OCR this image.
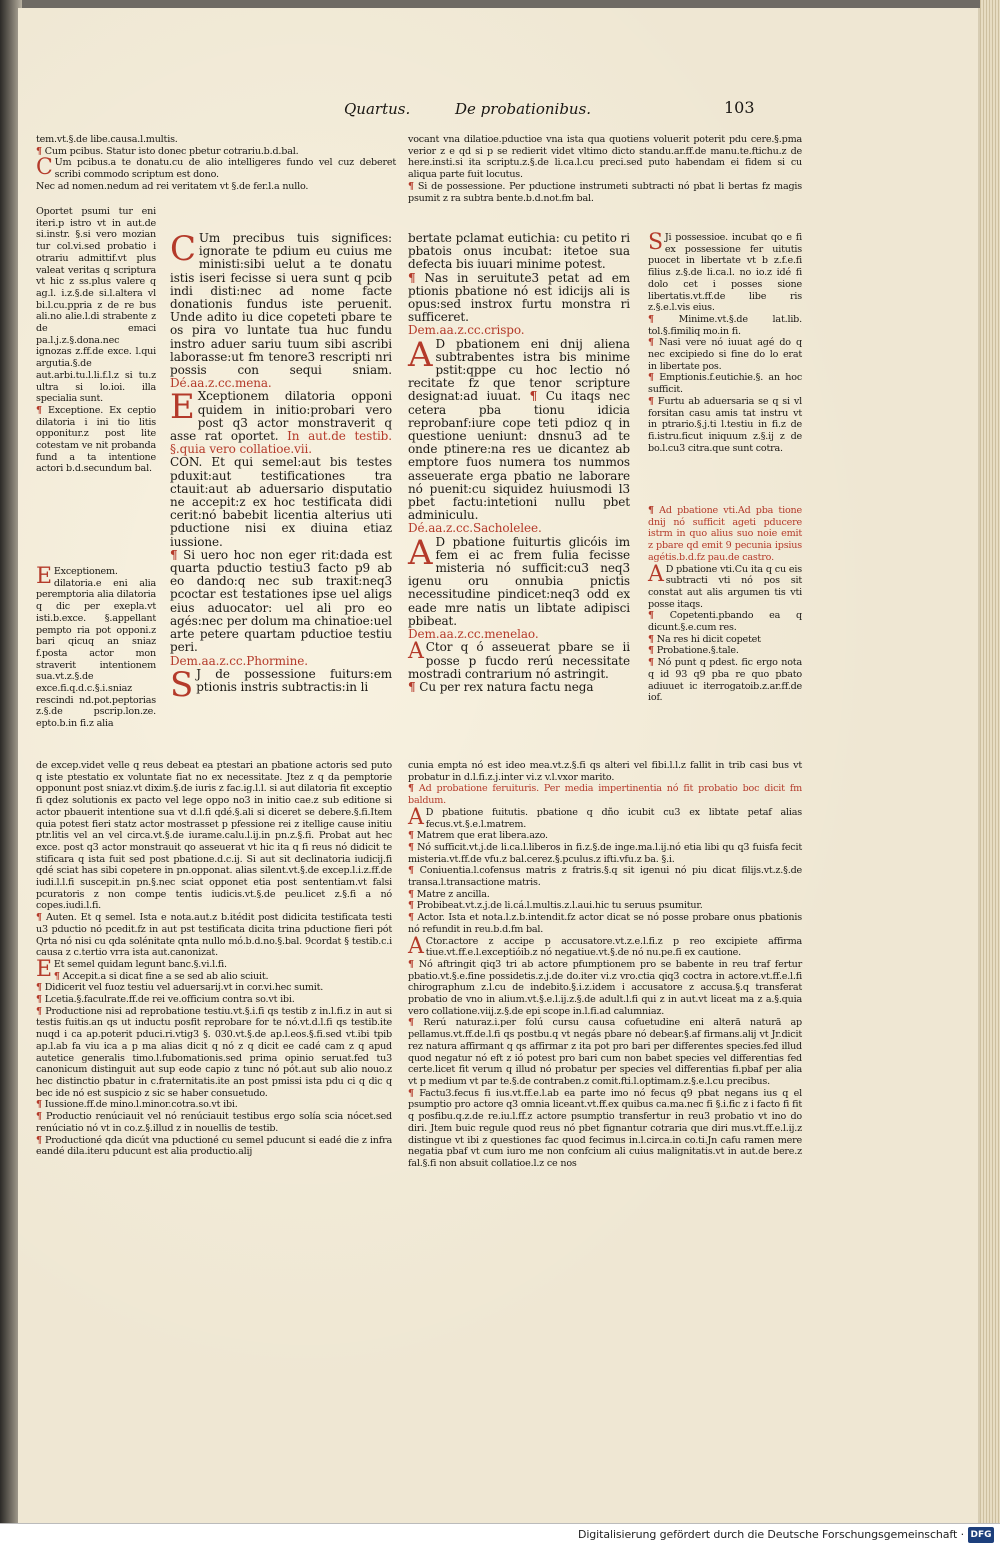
Quartus.	De probationibus.	103

tem.vt.§.de libe.causa.l.multis.

¶ Cum pcibus. Statur isto donec pbetur cotrariu.b.d.bal.

C Um pcibus.a te donatu.cu de alio intelligeres fundo vel cuz deberet scribi commodo scriptum est dono.

Nec ad nomen.nedum ad rei veritatem vt §.de fer.l.a nullo.

Oportet psumi tur eni iteri.p istro vt in aut.de si.instr. §.si vero mozian tur col.vi.sed probatio i otrariu admittif.vt plus valeat veritas q scriptura vt hic z ss.plus valere q ag.l. i.z.§.de si.l.altera vl bi.l.cu.ppria z de re bus ali.no alie.l.di strabente z de emaci pa.l.j.z.§.dona.nec ignozas z.ff.de exce. l.qui argutia.§.de aut.arbi.tu.l.li.f.l.z si tu.z ultra si lo.ioi. illa specialia sunt.

¶ Exceptione. Ex ceptio dilatoria i ini tio litis opponitur.z post lite cotestam ve nit probanda fund a ta intentione actori b.d.secundum bal.

E Exceptionem. dilatoria.e eni alia peremptoria alia dilatoria q dic per exepla.vt isti.b.exce. §.appellant pempto ria pot opponi.z bari qicuq an sniaz f.posta actor mon straverit intentionem sua.vt.z.§.de exce.fi.q.d.c.§.i.sniaz rescindi nd.pot.peptorias z.§.de pscrip.lon.ze. epto.b.in fi.z alia

C Um precibus tuis significes: ignorate te pdium eu cuius me ministi:sibi uelut a te donatu istis iseri fecisse si uera sunt q pcib indi disti:nec ad nome facte donationis fundus iste peruenit. Unde adito iu dice copeteti pbare te os pira vo luntate tua huc fundu instro aduer sariu tuum sibi ascribi laborasse:ut fm tenore3 rescripti nri possis con sequi sniam. Dé.aa.z.cc.mena.

E Xceptionem dilatoria opponi quidem in initio:probari vero post q3 actor monstraverit q asse rat oportet. In aut.de testib. §.quia vero collatioe.vii.

CON. Et qui semel:aut bis testes pduxit:aut testificationes tra ctauit:aut ab aduersario disputatio ne accepit:z ex hoc testificata didi cerit:nó babebit licentia alterius uti pductione nisi ex diuina etiaz iussione.

¶ Si uero hoc non eger rit:dada est quarta pductio testiu3 facto p9 ab eo dando:q nec sub traxit:neq3 pcoctar est testationes ipse uel aligs eius aduocator: uel ali pro eo agés:nec per dolum ma chinatioe:uel arte petere quartam pductioe testiu peri.

Dem.aa.z.cc.Phormine.

S J de possessione fuiturs:em ptionis instris subtractis:in li

vocant vna dilatioe.pductioe vna ista qua quotiens voluerit poterit pdu cere.§.pma verior z e qd si p se redierit videt vltimo dicto standu.ar.ff.de manu.te.ftichu.z de here.insti.si ita scriptu.z.§.de li.ca.l.cu preci.sed puto habendam ei fidem si cu aliqua parte fuit locutus.

¶ Si de possessione. Per pductione instrumeti subtracti nó pbat li bertas fz magis psumit z ra subtra bente.b.d.not.fm bal.

bertate pclamat eutichia: cu petito ri pbatois onus incubat: itetoe sua defecta bis iuuari minime potest.

¶ Nas in seruitute3 petat ad em ptionis pbatione nó est idicijs ali is opus:sed instrox furtu monstra ri sufficeret.

Dem.aa.z.cc.crispo.

A D pbationem eni dnij aliena subtrabentes istra bis minime pstit:qppe cu hoc lectio nó recitate fz que tenor scripture designat:ad iuuat. ¶ Cu itaqs nec cetera pba tionu idicia reprobanf:iure cope teti pdioz q in questione ueniunt: dnsnu3 ad te onde ptinere:na res ue dicantez ab emptore fuos numera tos nummos asseuerate erga pbatio ne laborare nó puenit:cu siquidez huiusmodi l3 pbet factu:intetioni nullu pbet adminiculu.

Dé.aa.z.cc.Sacholelee.

A D pbatione fuiturtis glicóis im fem ei ac frem fulia fecisse misteria nó sufficit:cu3 neq3 igenu oru onnubia pnictis necessitudine pindicet:neq3 odd ex eade mre natis un libtate adipisci pbibeat.

Dem.aa.z.cc.menelao.

A Ctor q ó asseuerat pbare se ii posse p fucdo rerú necessitate mostradi contrarium nó astringit.

¶ Cu per rex natura factu nega

S Ji possessioe. incubat qo e fi ex possessione fer uitutis puocet in libertate vt b z.f.e.fi filius z.§.de li.ca.l. no io.z idé fi dolo cet i posses sione libertatis.vt.ff.de libe ris z.§.e.l.vis eius.

¶	Minime.vt.§.de lat.lib. tol.§.fimiliq mo.in fi.

¶ Nasi vere nó iuuat agé do q nec excipiedo si fine do lo erat in libertate pos.

¶ Emptionis.f.eutichie.§. an hoc sufficit.

¶ Furtu ab aduersaria se q si vl forsitan casu amis tat instru vt in ptrario.§.j.ti l.testiu in fi.z de fi.istru.ficut iniquum z.§.ij z de bo.l.cu3 citra.que sunt cotra.

¶ Ad pbatione vti.Ad pba tione dnij nó sufficit ageti pducere istrm in quo alius suo noie emit z pbare qd emit 9 pecunia ipsius agétis.b.d.fz pau.de castro.

A D pbatione vti.Cu ita q cu eis subtracti vti nó pos sit constat aut alis argumen tis vti posse itaqs.

¶ Copetenti.pbando ea q dicunt.§.e.cum res.

¶ Na res hi dicit copetet

¶ Probatione.§.tale.

¶ Nó punt q pdest. fic ergo nota q id 93 q9 pba re quo pbato adiuuet ic iterrogatoib.z.ar.ff.de iof.

de excep.videt velle q reus debeat ea ptestari an pbatione actoris sed puto q iste ptestatio ex voluntate fiat no ex necessitate. Jtez z q da pemptorie opponunt post sniaz.vt dixim.§.de iuris z fac.ig.l.l. si aut dilatoria fit exceptio fi qdez solutionis ex pacto vel lege oppo no3 in initio cae.z sub editione si actor pbauerit intentione sua vt d.l.fi qdé.§.ali si diceret se debere.§.fi.Item quia potest fieri statz actor mostrasset p pfessione rei z itellige cause initiu ptr.litis vel an vel circa.vt.§.de iurame.calu.l.ij.in pn.z.§.fi. Probat aut hec exce. post q3 actor monstrauit qo asseuerat vt hic ita q fi reus nó didicit te stificara q ista fuit sed post pbatione.d.c.ij. Si aut sit declinatoria iudicij.fi qdé sciat has sibi copetere in pn.opponat. alias silent.vt.§.de excep.l.i.z.ff.de iudi.l.l.fi suscepit.in pn.§.nec sciat opponet etia post sententiam.vt falsi pcuratoris z non compe tentis iudicis.vt.§.de peu.licet z.§.fi a nó copes.iudi.l.fi.

¶ Auten. Et q semel. Ista e nota.aut.z b.itédit post didicita testificata testi u3 pductio nó pcedit.fz in aut pst testificata dicita trina pductione fieri pót Qrta nó nisi cu qda solénitate qnta nullo mó.b.d.no.§.bal. 9cordat § testib.c.i causa z c.tertio vrra ista aut.canonizat.

E Et semel quidam legunt banc.§.vi.l.fi.

¶ Accepit.a si dicat fine a se sed ab alio sciuit.

¶ Didicerit vel fuoz testiu vel aduersarij.vt in cor.vi.hec sumit.

¶ Lcetia.§.faculrate.ff.de rei ve.officium contra so.vt ibi.

¶ Productione nisi ad reprobatione testiu.vt.§.i.fi qs testib z in.l.fi.z in aut si testis fuitis.an qs ut inductu posfit reprobare for te nó.vt.d.l.fi qs testib.ite nuqd i ca ap.poterit pduci.ri.vtig3 §. 030.vt.§.de ap.l.eos.§.fi.sed vt.ibi tpib ap.l.ab fa viu ica a p ma alias dicit q nó z q dicit ee cadé cam z q apud autetice generalis timo.l.fubomationis.sed prima opinio seruat.fed tu3 canonicum distinguit aut sup eode capio z tunc nó pót.aut sub alio nouo.z hec distinctio pbatur in c.fraternitatis.ite an post pmissi ista pdu ci q dic q bec ide nó est suspicio z sic se haber consuetudo.

¶ Iussione.ff.de mino.l.minor.cotra.so.vt ibi.

¶ Productio renúciauit vel nó renúciauit testibus ergo solía scia nócet.sed renúciatio nó vt in co.z.§.illud z in nouellis de testib.

¶ Productioné qda dicút vna pductioné cu semel pducunt si eadé die z infra eandé dila.iteru pducunt est alia productio.alij

cunia empta nó est ideo mea.vt.z.§.fi qs alteri vel fibi.l.l.z fallit in trib casi bus vt probatur in d.l.fi.z.j.inter vi.z v.l.vxor marito.

¶ Ad probatione feruituris. Per media impertinentia nó fit probatio boc dicit fm baldum.

A D pbatione fuitutis. pbatione q dño icubit cu3 ex libtate petaf alias fecus.vt.§.e.l.matrem.

¶ Matrem que erat libera.azo.

¶ Nó sufficit.vt.j.de li.ca.l.liberos in fi.z.§.de inge.ma.l.ij.nó etia libi qu q3 fuisfa fecit misteria.vt.ff.de vfu.z bal.cerez.§.pculus.z ifti.vfu.z ba. §.i.

¶ Coniuentia.l.cofensus matris z fratris.§.q sit igenui nó piu dicat filijs.vt.z.§.de transa.l.transactione matris.

¶ Matre z ancilla.

¶ Probibeat.vt.z.j.de li.cá.l.multis.z.l.aui.hic tu seruus psumitur.

¶ Actor. Ista et nota.l.z.b.intendit.fz actor dicat se nó posse probare onus pbationis nó refundit in reu.b.d.fm bal.

A Ctor.actore z accipe p accusatore.vt.z.e.l.fi.z p reo excipiete affirma tiue.vt.ff.e.l.exceptióib.z nó negatiue.vt.§.de nó nu.pe.fi ex cautione.

¶ Nó aftringit qiq3 tri ab actore pfumptionem pro se babente in reu traf fertur pbatio.vt.§.e.fine possidetis.z.j.de do.iter vi.z vro.ctia qiq3 coctra in actore.vt.ff.e.l.fi chirographum z.l.cu de indebito.§.i.z.idem i accusatore z accusa.§.q transferat probatio de vno in alium.vt.§.e.l.ij.z.§.de adult.l.fi qui z in aut.vt liceat ma z a.§.quia vero collatione.viij.z.§.de epi scope in.l.fi.ad calumniaz.

¶ Rerú naturaz.i.per folú cursu causa cofuetudine eni alteră natură ap pellamus.vt.ff.de.l.fi qs postbu.q vt negás pbare nó debear.§.af firmans.alij vt Jr.dicit rez natura affirmant q qs affirmar z ita pot pro bari per differentes species.fed illud quod negatur nó eft z ió potest pro bari cum non babet species vel differentias fed certe.licet fit verum q illud nó probatur per species vel differentias fi.pbaf per alia vt p medium vt par te.§.de contraben.z comit.fti.l.optimam.z.§.e.l.cu precibus.

¶ Factu3.fecus fi ius.vt.ff.e.l.ab ea parte imo nó fecus q9 pbat negans ius q el psumptio pro actore q3 omnia liceant.vt.ff.ex quibus ca.ma.nec fi §.i.fic z i facto fi fit q posfibu.q.z.de re.iu.l.ff.z actore psumptio transfertur in reu3 probatio vt ino do diri. Jtem buic regule quod reus nó pbet fignantur cotraria que diri mus.vt.ff.e.l.ij.z distingue vt ibi z questiones fac quod fecimus in.l.circa.in co.ti.Jn cafu ramen mere negatia pbaf vt cum iuro me non confcium ali cuius malignitatis.vt in aut.de bere.z fal.§.fi non absuit collatioe.l.z ce nos

Digitalisierung gefördert durch die Deutsche Forschungsgemeinschaft · DFG
